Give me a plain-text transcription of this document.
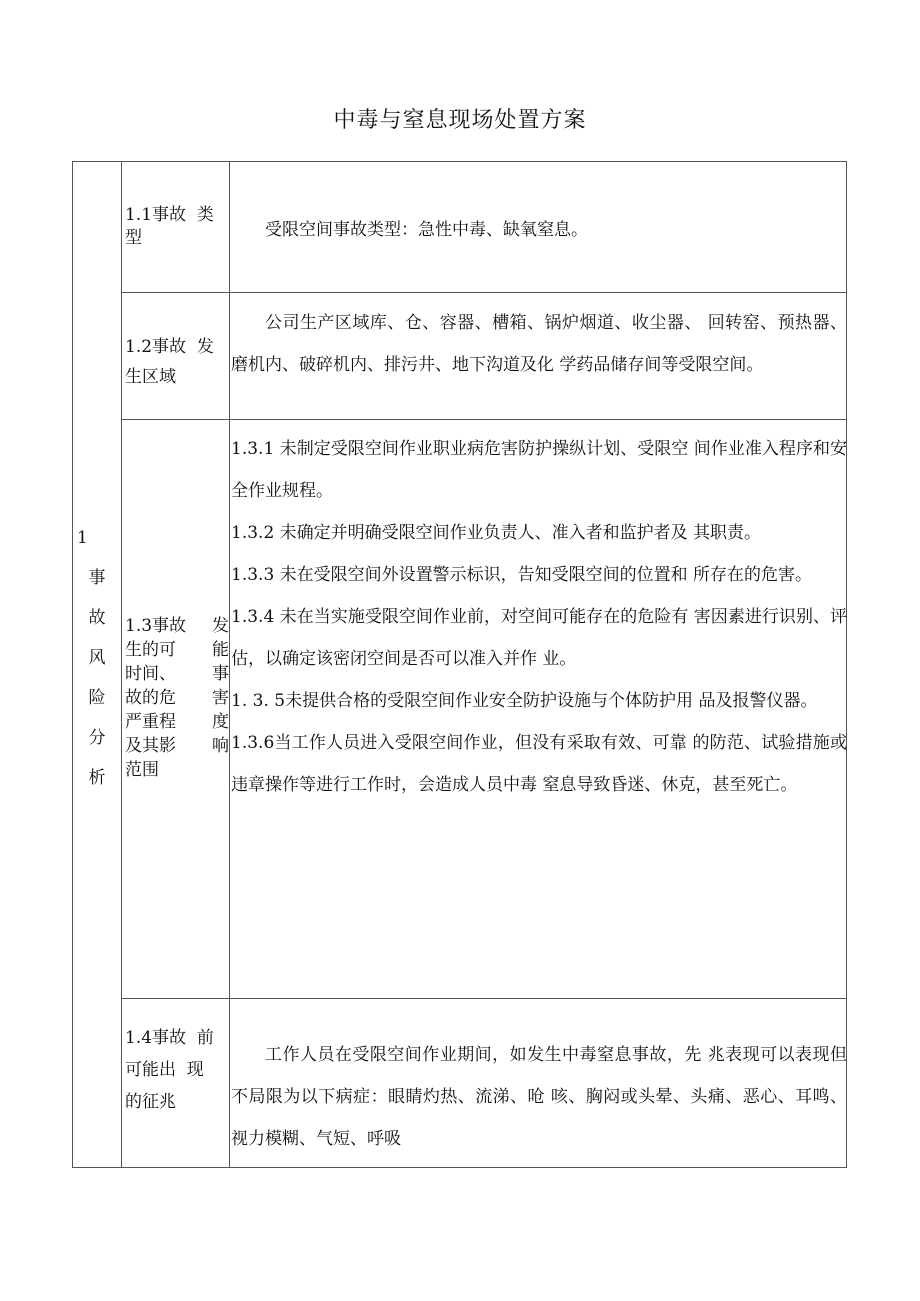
中毒与窒息现场处置方案
1
事
故
风
险
分
析
1.1事故  类
型	受限空间事故类型：急性中毒、缺氧窒息。
1.2事故  发
生区域
公司生产区域库、仓、容器、槽箱、锅炉烟道、收尘器、 回转窑、预热器、磨机内、破碎机内、排污井、地下沟道及化 学药品储存间等受限空间。
1.3事故
生的可
时间、
故的危
严重程
及其影
范围
发
能
事
害
度
响

1.3.1 未制定受限空间作业职业病危害防护操纵计划、受限空 间作业准入程序和安全作业规程。

1.3.2 未确定并明确受限空间作业负责人、准入者和监护者及 其职责。

1.3.3 未在受限空间外设置警示标识，告知受限空间的位置和 所存在的危害。

1.3.4 未在当实施受限空间作业前，对空间可能存在的危险有 害因素进行识别、评估，以确定该密闭空间是否可以准入并作 业。

1. 3. 5未提供合格的受限空间作业安全防护设施与个体防护用 品及报警仪器。

1.3.6当工作人员进入受限空间作业，但没有采取有效、可靠 的防范、试验措施或违章操作等进行工作时，会造成人员中毒 窒息导致昏迷、休克，甚至死亡。

1.4事故  前
可能出  现
的征兆
工作人员在受限空间作业期间，如发生中毒窒息事故，先 兆表现可以表现但不局限为以下病症：眼睛灼热、流涕、呛 咳、胸闷或头晕、头痛、恶心、耳鸣、视力模糊、气短、呼吸
